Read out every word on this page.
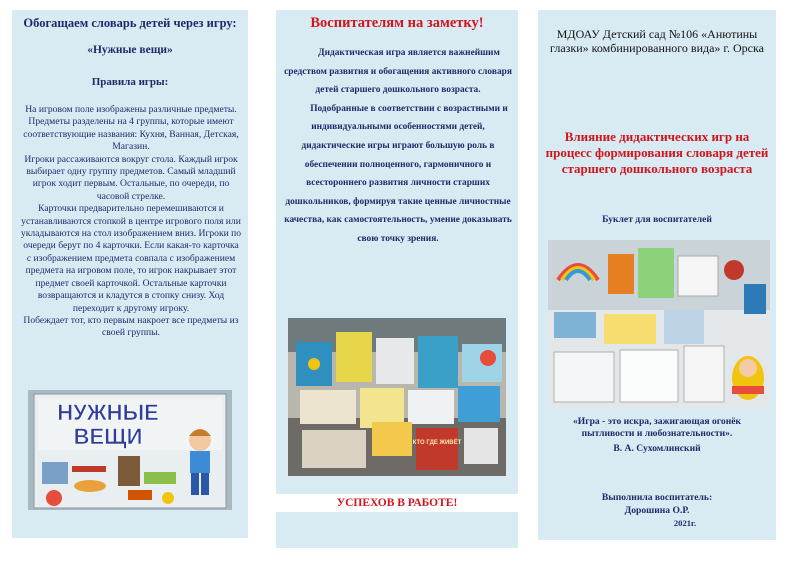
Обогащаем словарь детей через игру:
«Нужные вещи»
Правила игры:

На игровом поле изображены различные предметы. Предметы разделены на 4 группы, которые имеют соответствующие названия: Кухня, Ванная, Детская, Магазин.

Игроки рассаживаются вокруг стола. Каждый игрок выбирает одну группу предметов. Самый младший игрок ходит первым. Остальные, по очереди, по часовой стрелке.

Карточки предварительно перемешиваются и устанавливаются стопкой в центре игрового поля или укладываются на стол изображением вниз. Игроки по очереди берут по 4 карточки. Если какая-то карточка с изображением предмета совпала с изображением предмета на игровом поле, то игрок накрывает этот предмет своей карточкой. Остальные карточки возвращаются и кладутся в стопку снизу. Ход переходит к другому игроку.

Побеждает тот, кто первым накроет все предметы из своей группы.

НУЖНЫЕ
ВЕЩИ
Воспитателям на заметку!

Дидактическая игра является важнейшим средством развития и обогащения активного словаря детей старшего дошкольного возраста.

Подобранные в соответствии с возрастными и индивидуальными особенностями детей, дидактические игры играют большую роль в обеспечении полноценного, гармоничного и всестороннего развития личности старших дошкольников, формируя такие ценные личностные качества, как самостоятельность, умение доказывать свою точку зрения.

КТО ГДЕ ЖИВЁТ
УСПЕХОВ В РАБОТЕ!
МДОАУ Детский сад №106 «Анютины глазки» комбинированного вида» г. Орска
Влияние дидактических игр на процесс формирования словаря детей старшего дошкольного возраста
Буклет для воспитателей
«Игра - это искра, зажигающая огонёк пытливости и любознательности».
В. А. Сухомлинский
Выполнила воспитатель:
Дорошина О.Р.
2021г.
